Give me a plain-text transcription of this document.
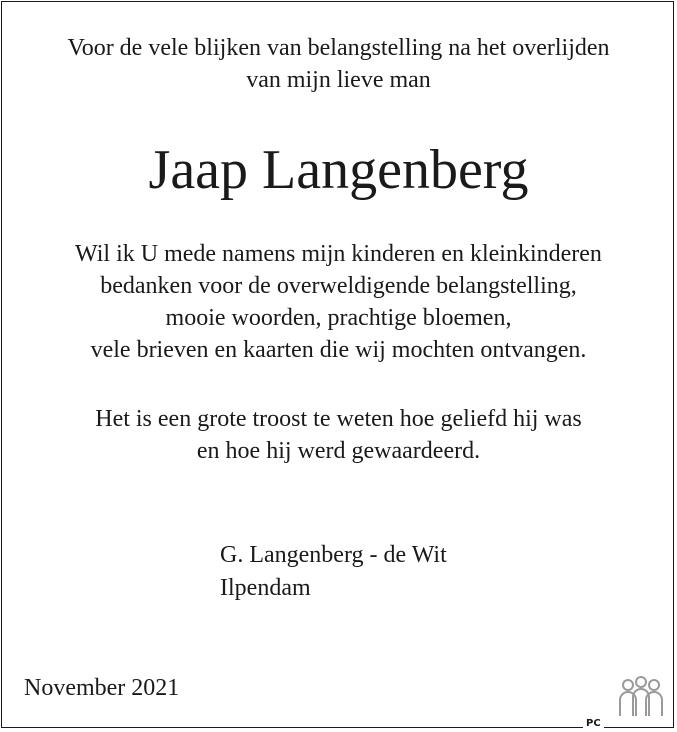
Voor de vele blijken van belangstelling na het overlijden
van mijn lieve man
Jaap Langenberg
Wil ik U mede namens mijn kinderen en kleinkinderen
bedanken voor de overweldigende belangstelling,
mooie woorden, prachtige bloemen,
vele brieven en kaarten die wij mochten ontvangen.
Het is een grote troost te weten hoe geliefd hij was
en hoe hij werd gewaardeerd.
G. Langenberg - de Wit
Ilpendam
November 2021
PC
